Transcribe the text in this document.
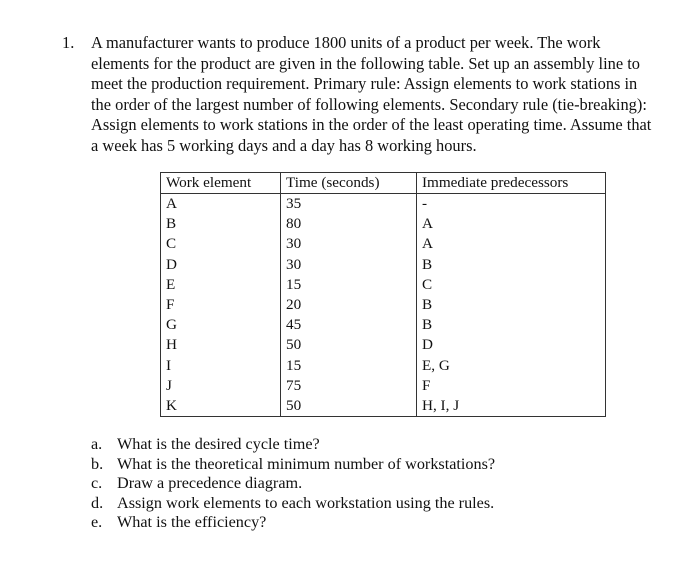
1. A manufacturer wants to produce 1800 units of a product per week. The work
elements for the product are given in the following table. Set up an assembly line to
meet the production requirement. Primary rule: Assign elements to work stations in
the order of the largest number of following elements. Secondary rule (tie-breaking):
Assign elements to work stations in the order of the least operating time. Assume that
a week has 5 working days and a day has 8 working hours.
Work element	Time (seconds)	Immediate predecessors
A	35	-
B	80	A
C	30	A
D	30	B
E	15	C
F	20	B
G	45	B
H	50	D
I	15	E, G
J	75	F
K	50	H, I, J
a. What is the desired cycle time?
b. What is the theoretical minimum number of workstations?
c. Draw a precedence diagram.
d. Assign work elements to each workstation using the rules.
e. What is the efficiency?
